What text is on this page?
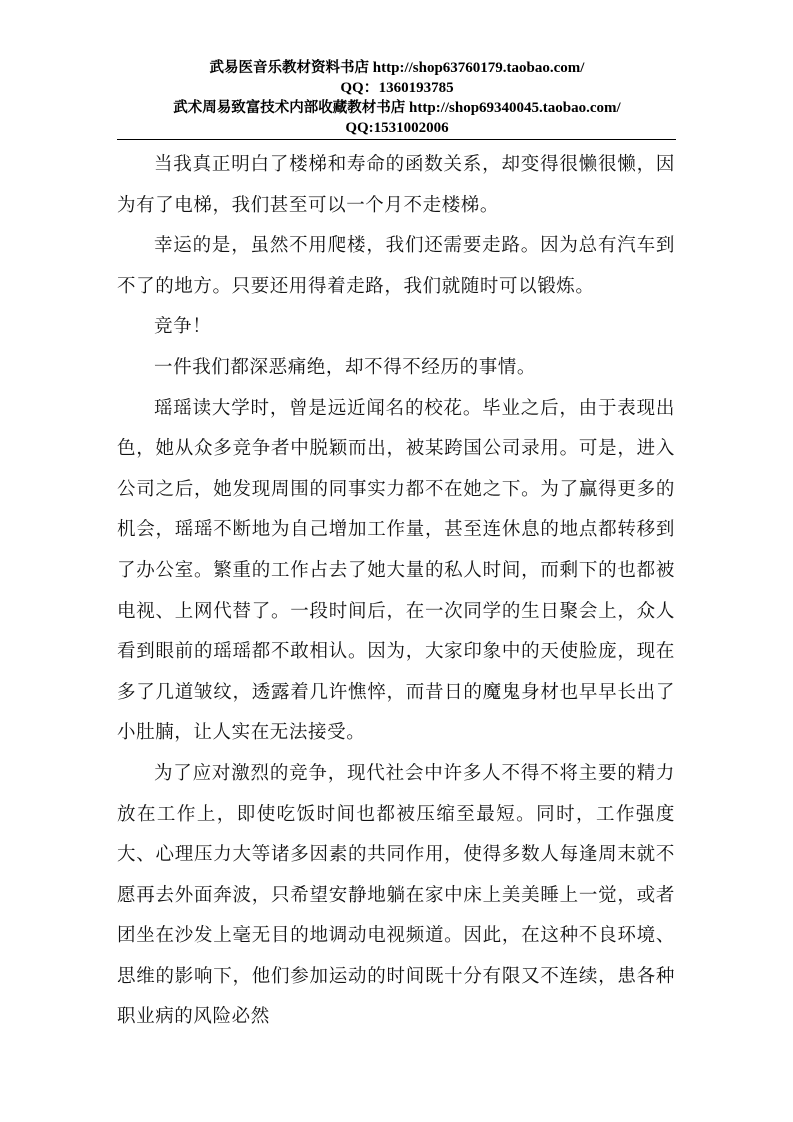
武易医音乐教材资料书店 http://shop63760179.taobao.com/
QQ：1360193785
武术周易致富技术内部收藏教材书店 http://shop69340045.taobao.com/
QQ:1531002006

当我真正明白了楼梯和寿命的函数关系，却变得很懒很懒，因为有了电梯，我们甚至可以一个月不走楼梯。

幸运的是，虽然不用爬楼，我们还需要走路。因为总有汽车到不了的地方。只要还用得着走路，我们就随时可以锻炼。

竞争！

一件我们都深恶痛绝，却不得不经历的事情。

瑶瑶读大学时，曾是远近闻名的校花。毕业之后，由于表现出色，她从众多竞争者中脱颖而出，被某跨国公司录用。可是，进入公司之后，她发现周围的同事实力都不在她之下。为了赢得更多的机会，瑶瑶不断地为自己增加工作量，甚至连休息的地点都转移到了办公室。繁重的工作占去了她大量的私人时间，而剩下的也都被电视、上网代替了。一段时间后，在一次同学的生日聚会上，众人看到眼前的瑶瑶都不敢相认。因为，大家印象中的天使脸庞，现在多了几道皱纹，透露着几许憔悴，而昔日的魔鬼身材也早早长出了小肚腩，让人实在无法接受。

为了应对激烈的竞争，现代社会中许多人不得不将主要的精力放在工作上，即使吃饭时间也都被压缩至最短。同时，工作强度大、心理压力大等诸多因素的共同作用，使得多数人每逢周末就不愿再去外面奔波，只希望安静地躺在家中床上美美睡上一觉，或者团坐在沙发上毫无目的地调动电视频道。因此，在这种不良环境、思维的影响下，他们参加运动的时间既十分有限又不连续，患各种职业病的风险必然
